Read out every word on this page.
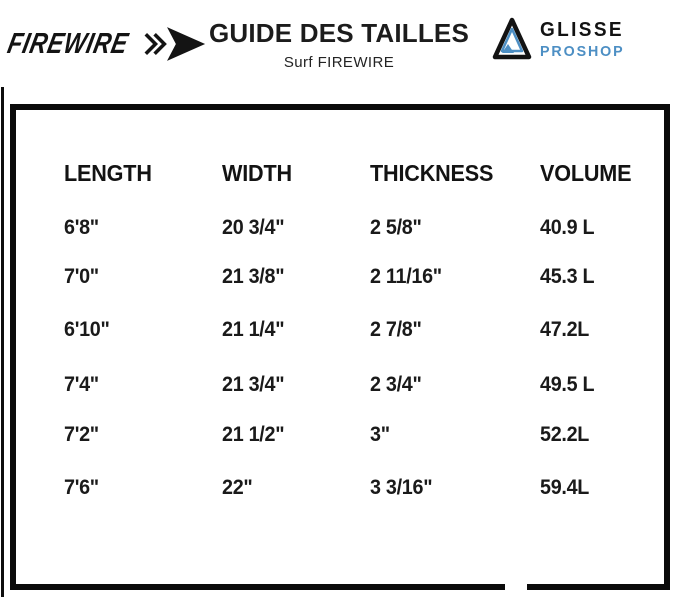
FIREWIRE	GUIDE DES TAILLES
Surf FIREWIRE
GLISSE
PROSHOP
LENGTH	WIDTH	THICKNESS VOLUME
6'8"	20 3/4"	2 5/8"	40.9 L
7'0"	21 3/8"	2 11/16"	45.3 L
6'10"	21 1/4"	2 7/8"	47.2L
7'4"	21 3/4"	2 3/4"	49.5 L
7'2"	21 1/2"	3"	52.2L
7'6"	22"	3 3/16"	59.4L
